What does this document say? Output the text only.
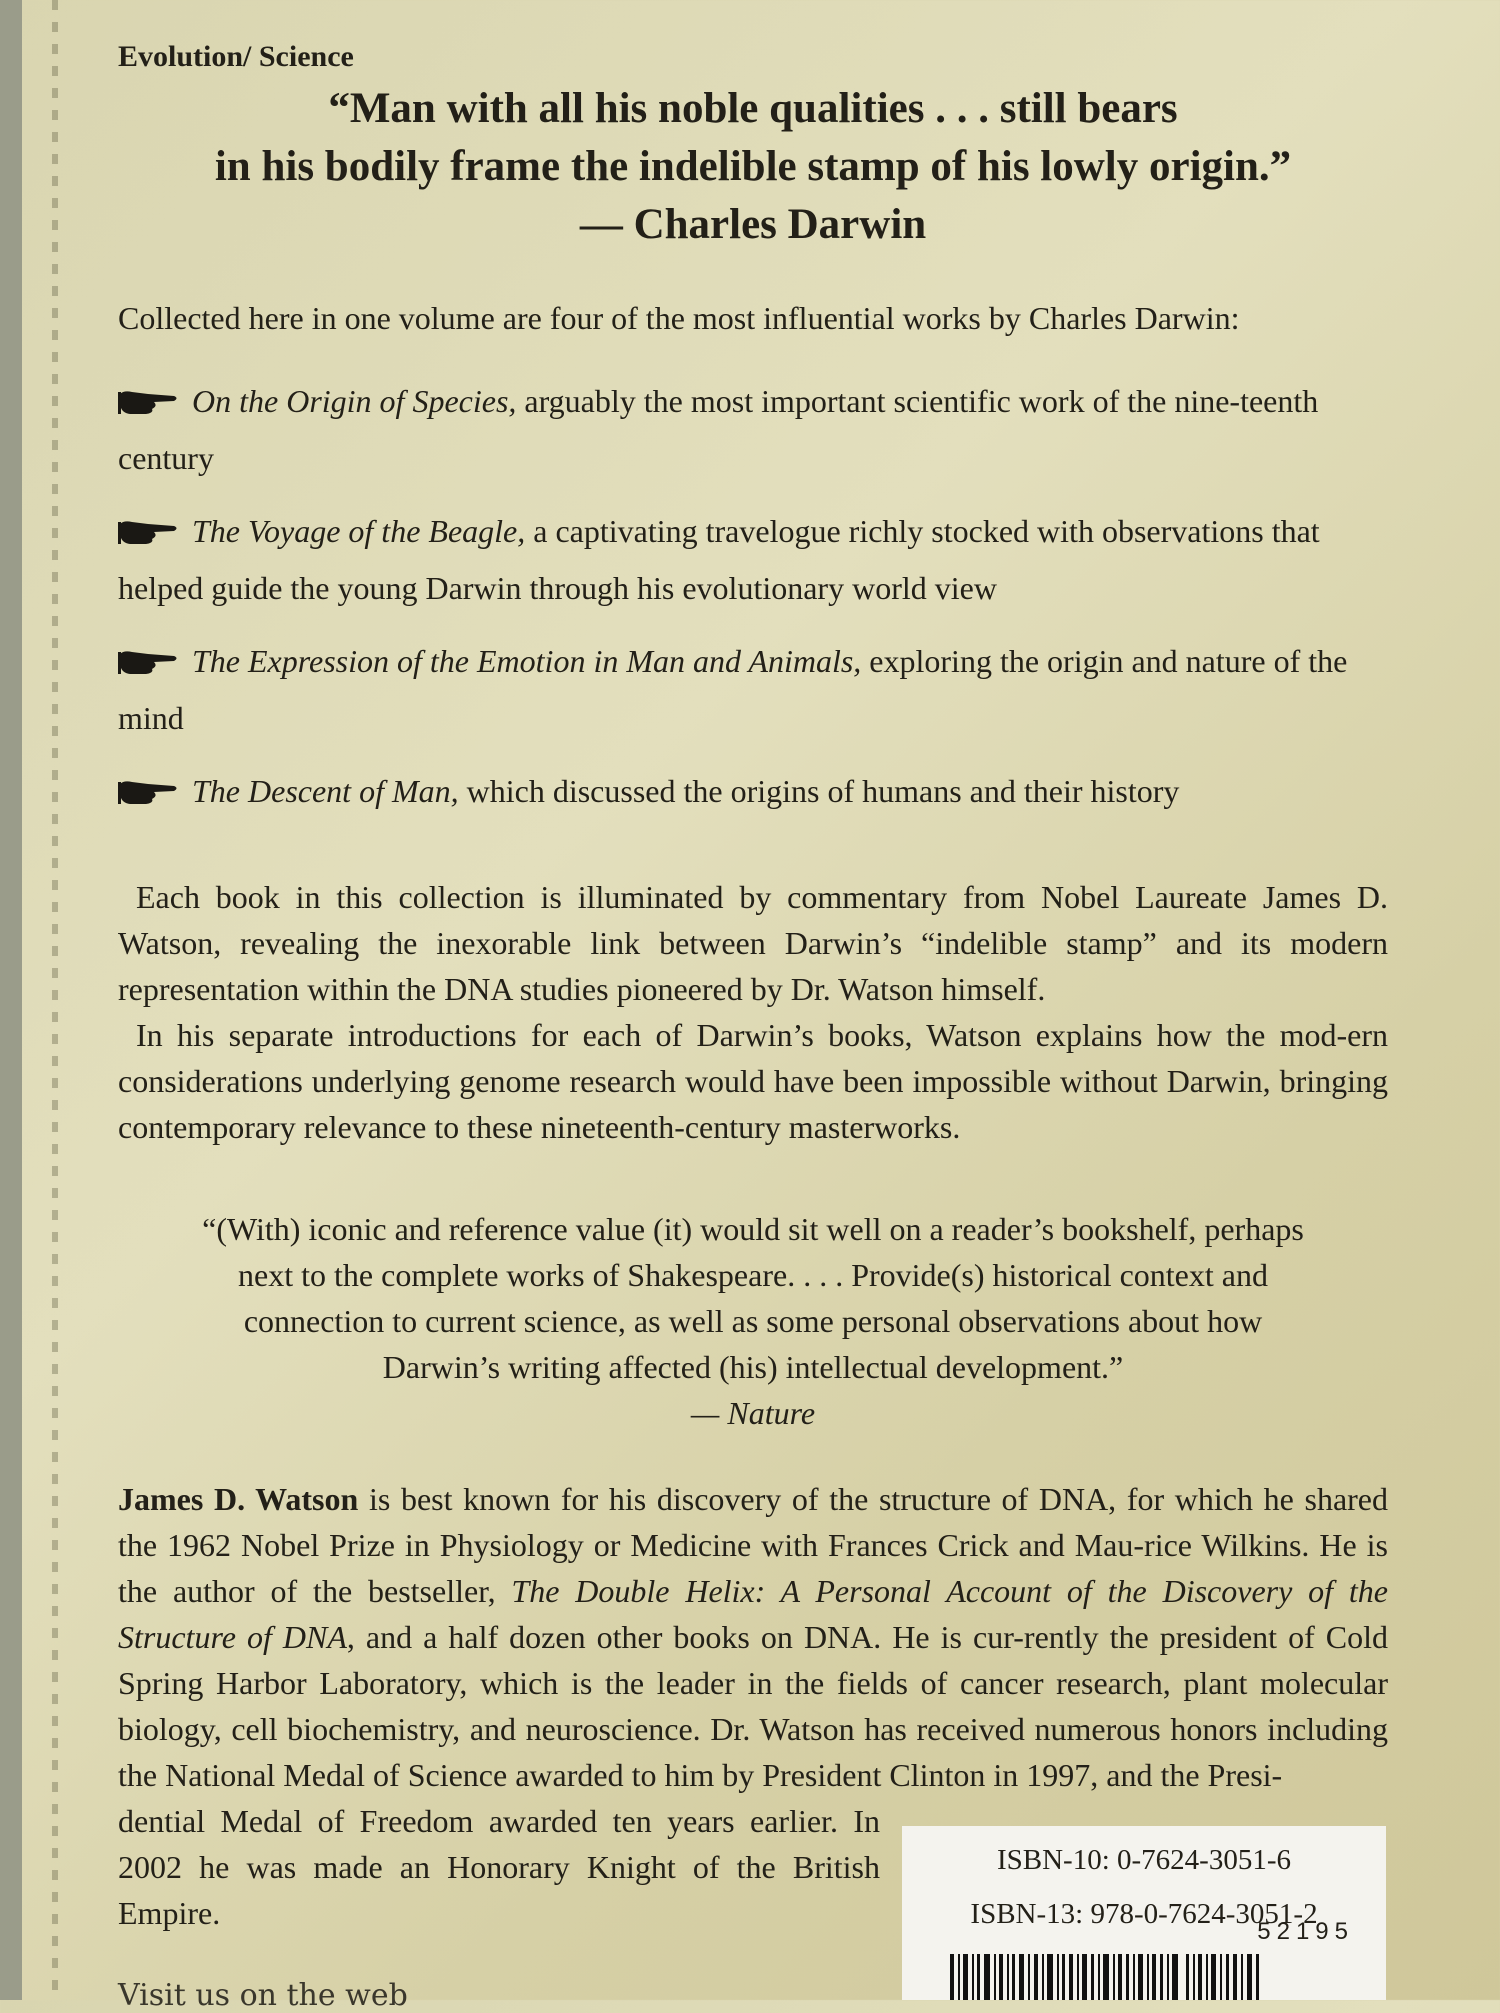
Evolution/ Science
“Man with all his noble qualities . . . still bears
in his bodily frame the indelible stamp of his lowly origin.”
— Charles Darwin
Collected here in one volume are four of the most influential works by Charles Darwin:
On the Origin of Species, arguably the most important scientific work of the nine-teenth century
The Voyage of the Beagle, a captivating travelogue richly stocked with observations that helped guide the young Darwin through his evolutionary world view
The Expression of the Emotion in Man and Animals, exploring the origin and nature of the mind
The Descent of Man, which discussed the origins of humans and their history

Each book in this collection is illuminated by commentary from Nobel Laureate James D. Watson, revealing the inexorable link between Darwin’s “indelible stamp” and its modern representation within the DNA studies pioneered by Dr. Watson himself.

In his separate introductions for each of Darwin’s books, Watson explains how the mod-ern considerations underlying genome research would have been impossible without Darwin, bringing contemporary relevance to these nineteenth-century masterworks.

“(With) iconic and reference value (it) would sit well on a reader’s bookshelf, perhaps
next to the complete works of Shakespeare. . . . Provide(s) historical context and
connection to current science, as well as some personal observations about how
Darwin’s writing affected (his) intellectual development.”
— Nature

James D. Watson is best known for his discovery of the structure of DNA, for which he shared the 1962 Nobel Prize in Physiology or Medicine with Frances Crick and Mau-rice Wilkins. He is the author of the bestseller, The Double Helix: A Personal Account of the Discovery of the Structure of DNA, and a half dozen other books on DNA. He is cur-rently the president of Cold Spring Harbor Laboratory, which is the leader in the fields of cancer research, plant molecular biology, cell biochemistry, and neuroscience. Dr. Watson has received numerous honors including the National Medal of Science awarded to him by President Clinton in 1997, and the Presi-

dential Medal of Freedom awarded ten years earlier. In 2002 he was made an Honorary Knight of the British Empire.

ISBN-10: 0-7624-3051-6
ISBN-13: 978-0-7624-3051-2
52195
Visit us on the web
